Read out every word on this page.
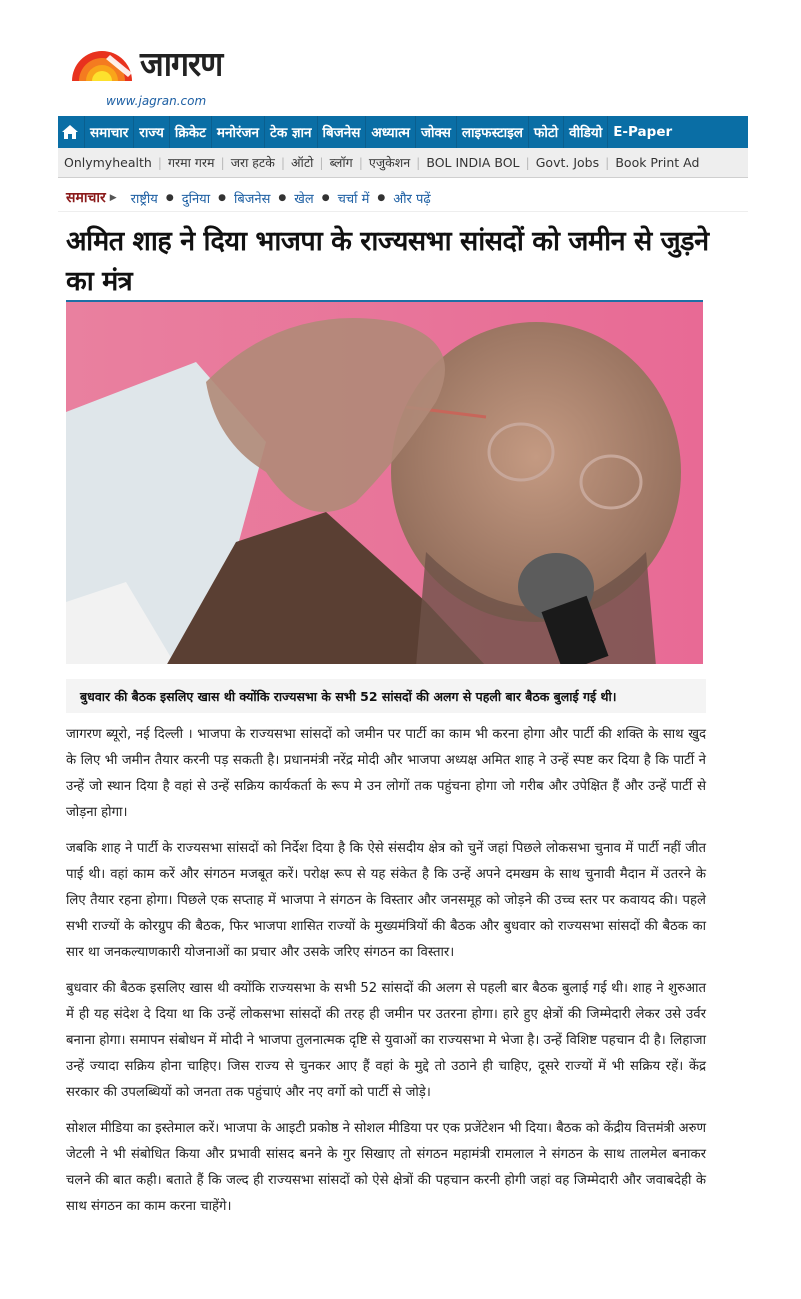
जागरण
www.jagran.com
समाचार राज्य क्रिकेट मनोरंजन टेक ज्ञान बिजनेस अध्यात्म जोक्स लाइफस्टाइल फोटो वीडियो E-Paper
Onlymyhealth | गरमा गरम | जरा हटके | ऑटो | ब्लॉग | एजुकेशन | BOL INDIA BOL | Govt. Jobs | Book Print Ad
समाचार ▶ राष्ट्रीय ● दुनिया ● बिजनेस ● खेल ● चर्चा में ● और पढ़ें
अमित शाह ने दिया भाजपा के राज्यसभा सांसदों को जमीन से जुड़ने का मंत्र
बुधवार की बैठक इसलिए खास थी क्योंकि राज्यसभा के सभी 52 सांसदों की अलग से पहली बार बैठक बुलाई गई थी।

जागरण ब्यूरो, नई दिल्ली । भाजपा के राज्यसभा सांसदों को जमीन पर पार्टी का काम भी करना होगा और पार्टी की शक्ति के साथ खुद के लिए भी जमीन तैयार करनी पड़ सकती है। प्रधानमंत्री नरेंद्र मोदी और भाजपा अध्यक्ष अमित शाह ने उन्हें स्पष्ट कर दिया है कि पार्टी ने उन्हें जो स्थान दिया है वहां से उन्हें सक्रिय कार्यकर्ता के रूप मे उन लोगों तक पहुंचना होगा जो गरीब और उपेक्षित हैं और उन्हें पार्टी से जोड़ना होगा।

जबकि शाह ने पार्टी के राज्यसभा सांसदों को निर्देश दिया है कि ऐसे संसदीय क्षेत्र को चुनें जहां पिछले लोकसभा चुनाव में पार्टी नहीं जीत पाई थी। वहां काम करें और संगठन मजबूत करें। परोक्ष रूप से यह संकेत है कि उन्हें अपने दमखम के साथ चुनावी मैदान में उतरने के लिए तैयार रहना होगा। पिछले एक सप्ताह में भाजपा ने संगठन के विस्तार और जनसमूह को जोड़ने की उच्च स्तर पर कवायद की। पहले सभी राज्यों के कोरग्रुप की बैठक, फिर भाजपा शासित राज्यों के मुख्यमंत्रियों की बैठक और बुधवार को राज्यसभा सांसदों की बैठक का सार था जनकल्याणकारी योजनाओं का प्रचार और उसके जरिए संगठन का विस्तार।

बुधवार की बैठक इसलिए खास थी क्योंकि राज्यसभा के सभी 52 सांसदों की अलग से पहली बार बैठक बुलाई गई थी। शाह ने शुरुआत में ही यह संदेश दे दिया था कि उन्हें लोकसभा सांसदों की तरह ही जमीन पर उतरना होगा। हारे हुए क्षेत्रों की जिम्मेदारी लेकर उसे उर्वर बनाना होगा। समापन संबोधन में मोदी ने भाजपा तुलनात्मक दृष्टि से युवाओं का राज्यसभा मे भेजा है। उन्हें विशिष्ट पहचान दी है। लिहाजा उन्हें ज्यादा सक्रिय होना चाहिए। जिस राज्य से चुनकर आए हैं वहां के मुद्दे तो उठाने ही चाहिए, दूसरे राज्यों में भी सक्रिय रहें। केंद्र सरकार की उपलब्धियों को जनता तक पहुंचाएं और नए वर्गो को पार्टी से जोड़े।

सोशल मीडिया का इस्तेमाल करें। भाजपा के आइटी प्रकोष्ठ ने सोशल मीडिया पर एक प्रजेंटेशन भी दिया। बैठक को केंद्रीय वित्तमंत्री अरुण जेटली ने भी संबोधित किया और प्रभावी सांसद बनने के गुर सिखाए तो संगठन महामंत्री रामलाल ने संगठन के साथ तालमेल बनाकर चलने की बात कही। बताते हैं कि जल्द ही राज्यसभा सांसदों को ऐसे क्षेत्रों की पहचान करनी होगी जहां वह जिम्मेदारी और जवाबदेही के साथ संगठन का काम करना चाहेंगे।
